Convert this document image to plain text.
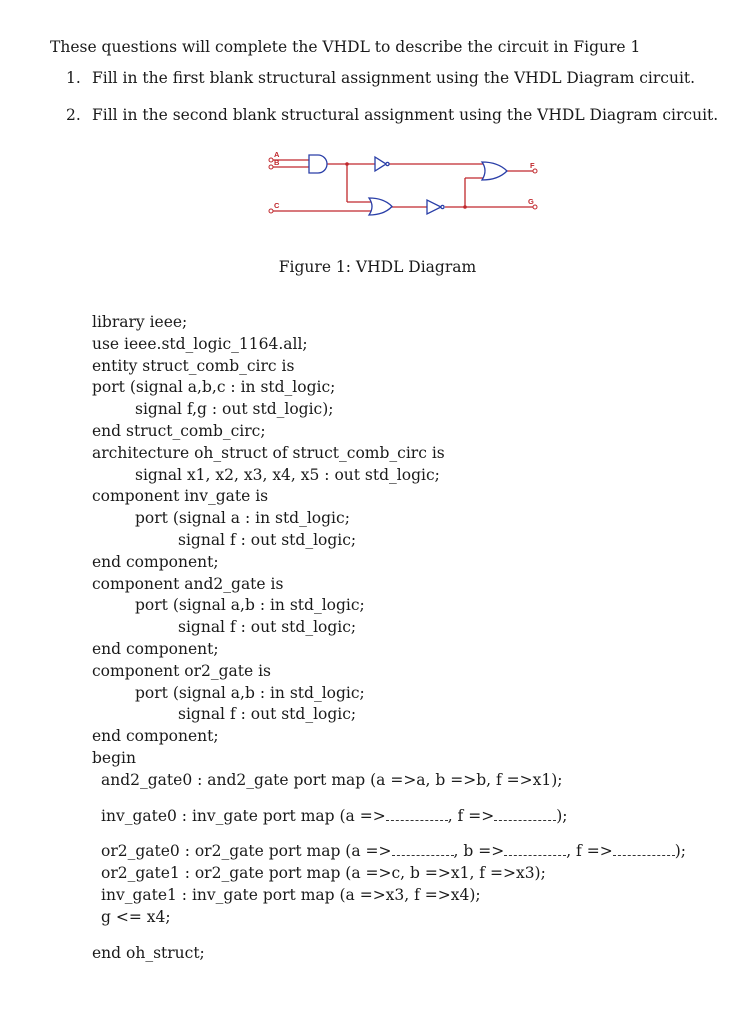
These questions will complete the VHDL to describe the circuit in Figure 1
1. Fill in the first blank structural assignment using the VHDL Diagram circuit.
2. Fill in the second blank structural assignment using the VHDL Diagram circuit.
A
B
C
F
G
Figure 1: VHDL Diagram
library ieee;
use ieee.std_logic_1164.all;
entity struct_comb_circ is
port (signal a,b,c : in std_logic;
signal f,g : out std_logic);
end struct_comb_circ;
architecture oh_struct of struct_comb_circ is
signal x1, x2, x3, x4, x5 : out std_logic;
component inv_gate is
port (signal a : in std_logic;
signal f : out std_logic;
end component;
component and2_gate is
port (signal a,b : in std_logic;
signal f : out std_logic;
end component;
component or2_gate is
port (signal a,b : in std_logic;
signal f : out std_logic;
end component;
begin
and2_gate0 : and2_gate port map (a =>a, b =>b, f =>x1);
inv_gate0 : inv_gate port map (a =>	, f =>	);
or2_gate0 : or2_gate port map (a =>	, b =>	, f =>	);
or2_gate1 : or2_gate port map (a =>c, b =>x1, f =>x3);
inv_gate1 : inv_gate port map (a =>x3, f =>x4);
g <= x4;
end oh_struct;
